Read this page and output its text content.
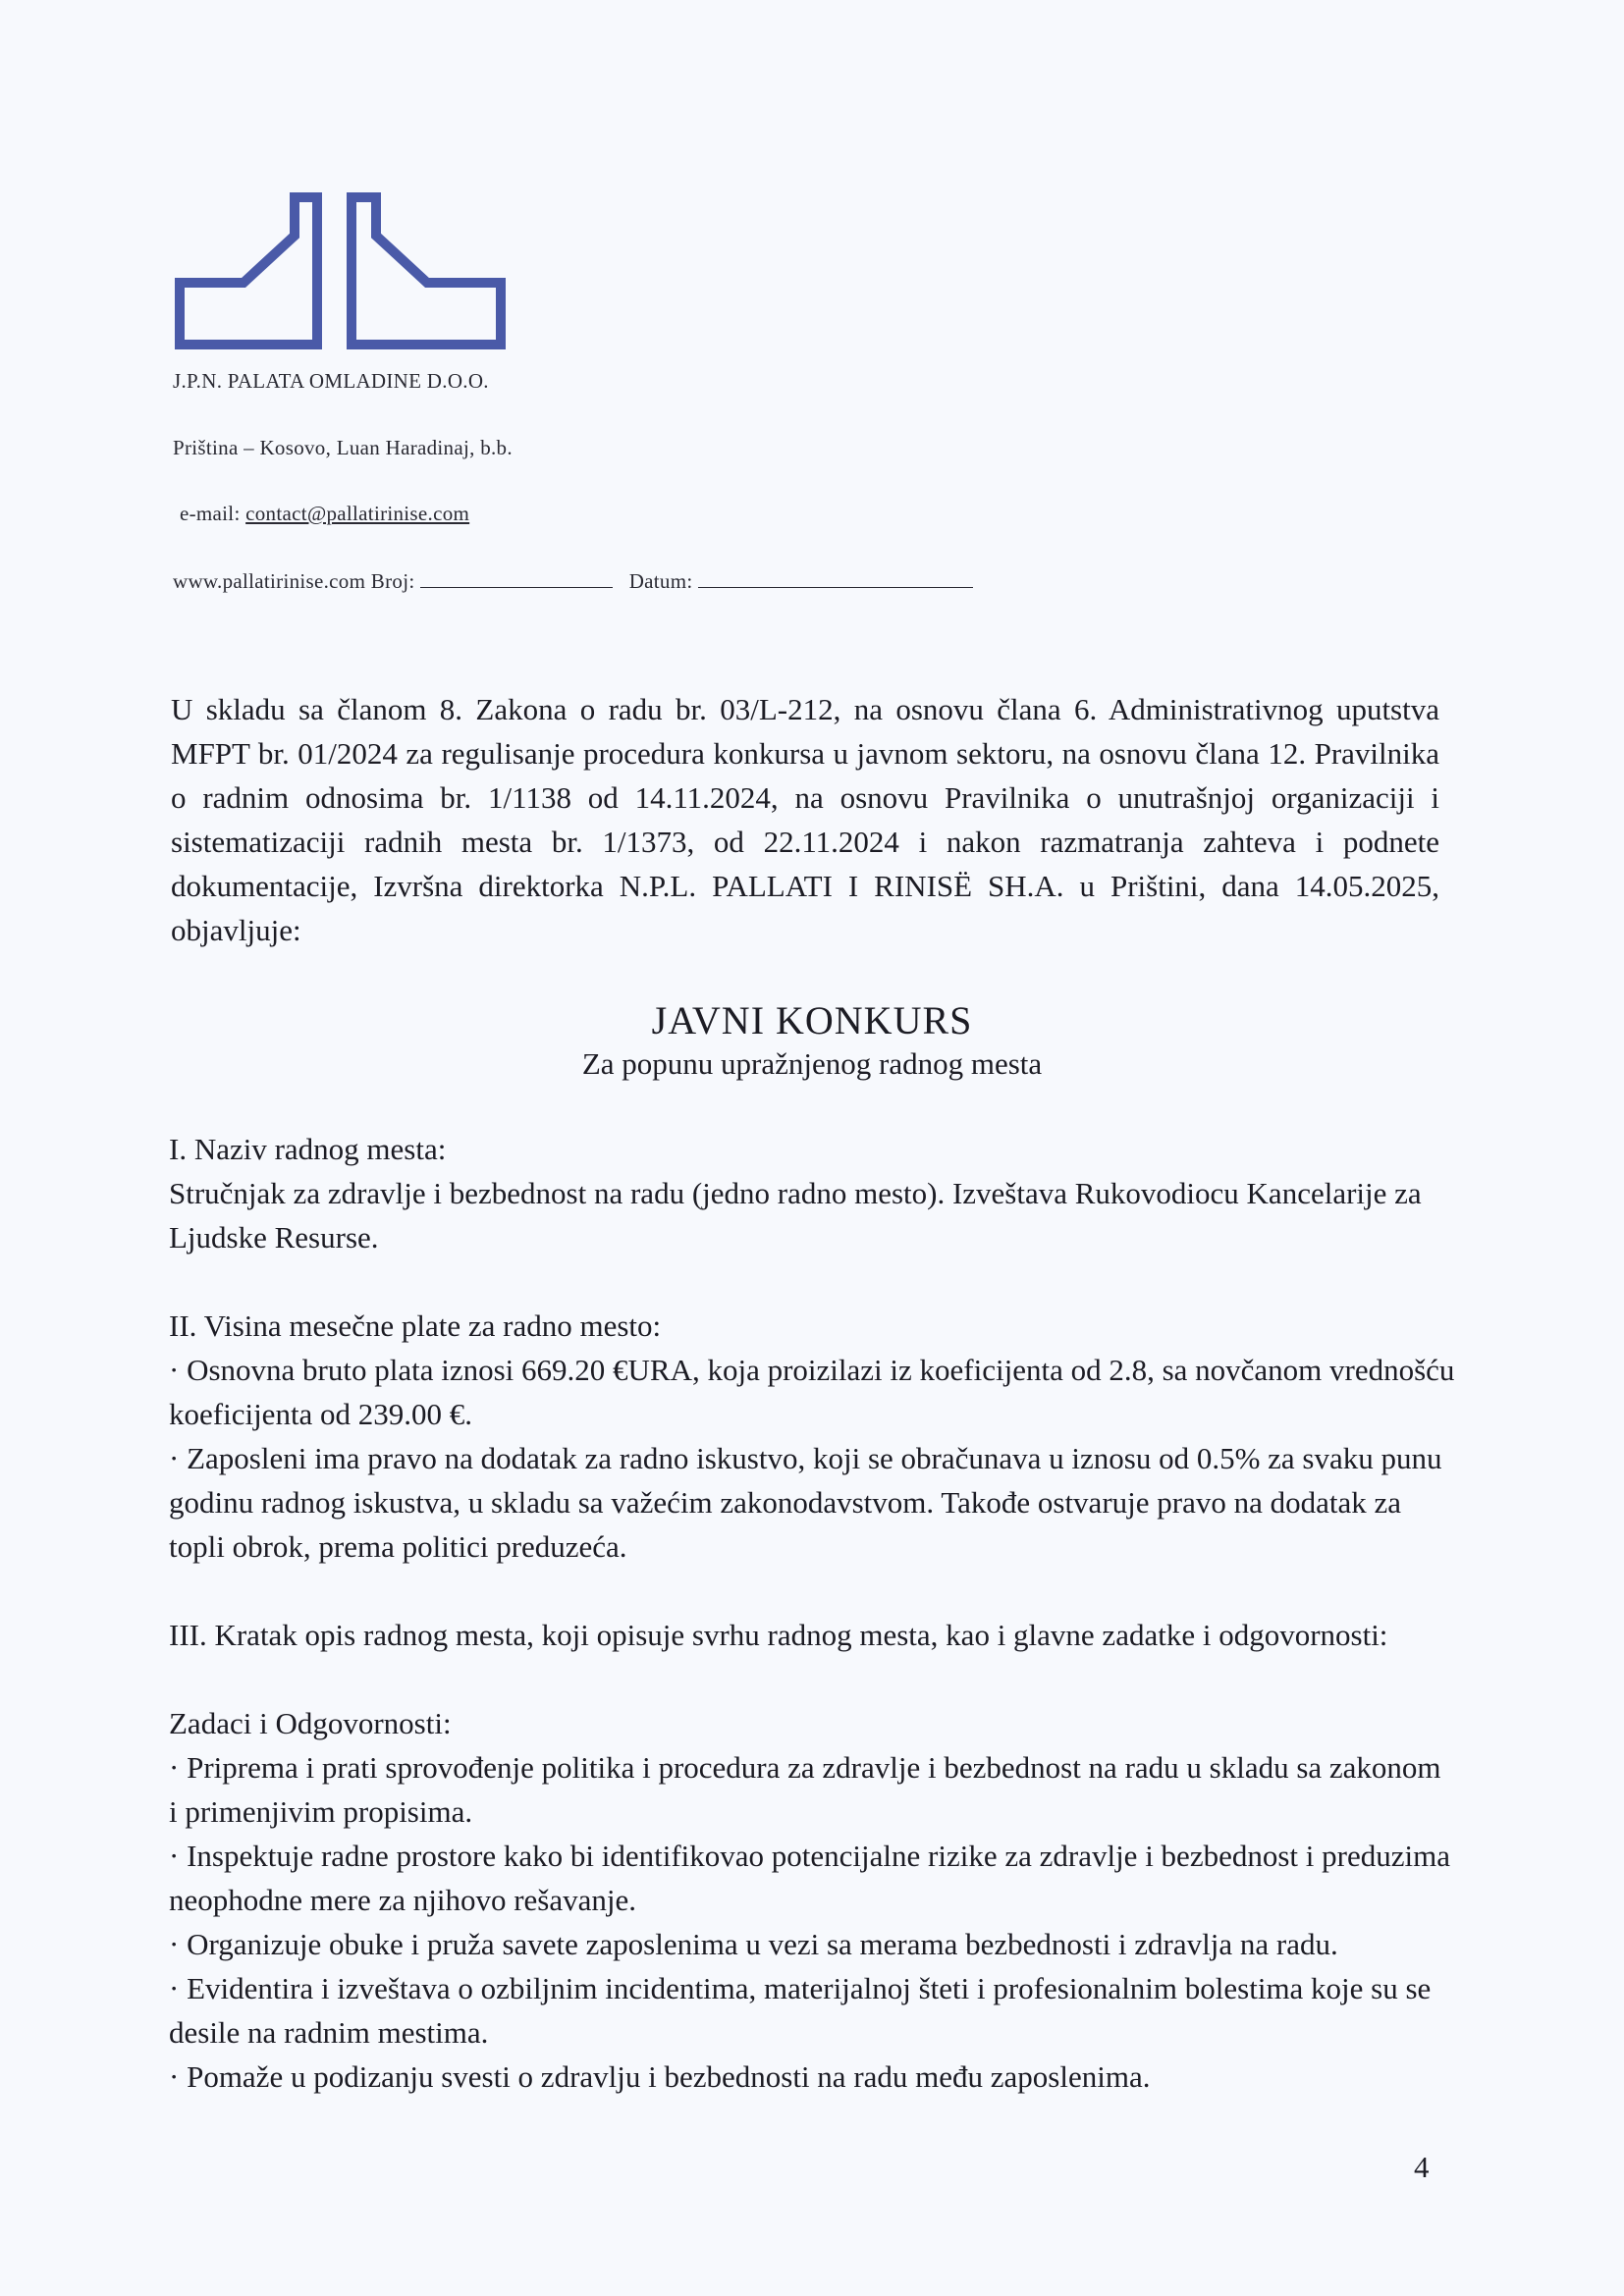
J.P.N. PALATA OMLADINE D.O.O.
Priština – Kosovo, Luan Haradinaj, b.b.
e-mail: contact@pallatirinise.com
www.pallatirinise.com Broj:	Datum:
U skladu sa članom 8. Zakona o radu br. 03/L-212, na osnovu člana 6. Administrativnog uputstva MFPT br. 01/2024 za regulisanje procedura konkursa u javnom sektoru, na osnovu člana 12. Pravilnika o radnim odnosima br. 1/1138 od 14.11.2024, na osnovu Pravilnika o unutrašnjoj organizaciji i sistematizaciji radnih mesta br. 1/1373, od 22.11.2024 i nakon razmatranja zahteva i podnete dokumentacije, Izvršna direktorka N.P.L. PALLATI I RINISË SH.A. u Prištini, dana 14.05.2025, objavljuje:
JAVNI KONKURS
Za popunu upražnjenog radnog mesta

I. Naziv radnog mesta:

Stručnjak za zdravlje i bezbednost na radu (jedno radno mesto). Izveštava Rukovodiocu Kancelarije za Ljudske Resurse.

II. Visina mesečne plate za radno mesto:

· Osnovna bruto plata iznosi 669.20 €URA, koja proizilazi iz koeficijenta od 2.8, sa novčanom vrednošću koeficijenta od 239.00 €.

· Zaposleni ima pravo na dodatak za radno iskustvo, koji se obračunava u iznosu od 0.5% za svaku punu godinu radnog iskustva, u skladu sa važećim zakonodavstvom. Takođe ostvaruje pravo na dodatak za topli obrok, prema politici preduzeća.

III. Kratak opis radnog mesta, koji opisuje svrhu radnog mesta, kao i glavne zadatke i odgovornosti:

Zadaci i Odgovornosti:

· Priprema i prati sprovođenje politika i procedura za zdravlje i bezbednost na radu u skladu sa zakonom i primenjivim propisima.

· Inspektuje radne prostore kako bi identifikovao potencijalne rizike za zdravlje i bezbednost i preduzima neophodne mere za njihovo rešavanje.

· Organizuje obuke i pruža savete zaposlenima u vezi sa merama bezbednosti i zdravlja na radu.

· Evidentira i izveštava o ozbiljnim incidentima, materijalnoj šteti i profesionalnim bolestima koje su se desile na radnim mestima.

· Pomaže u podizanju svesti o zdravlju i bezbednosti na radu među zaposlenima.

4
